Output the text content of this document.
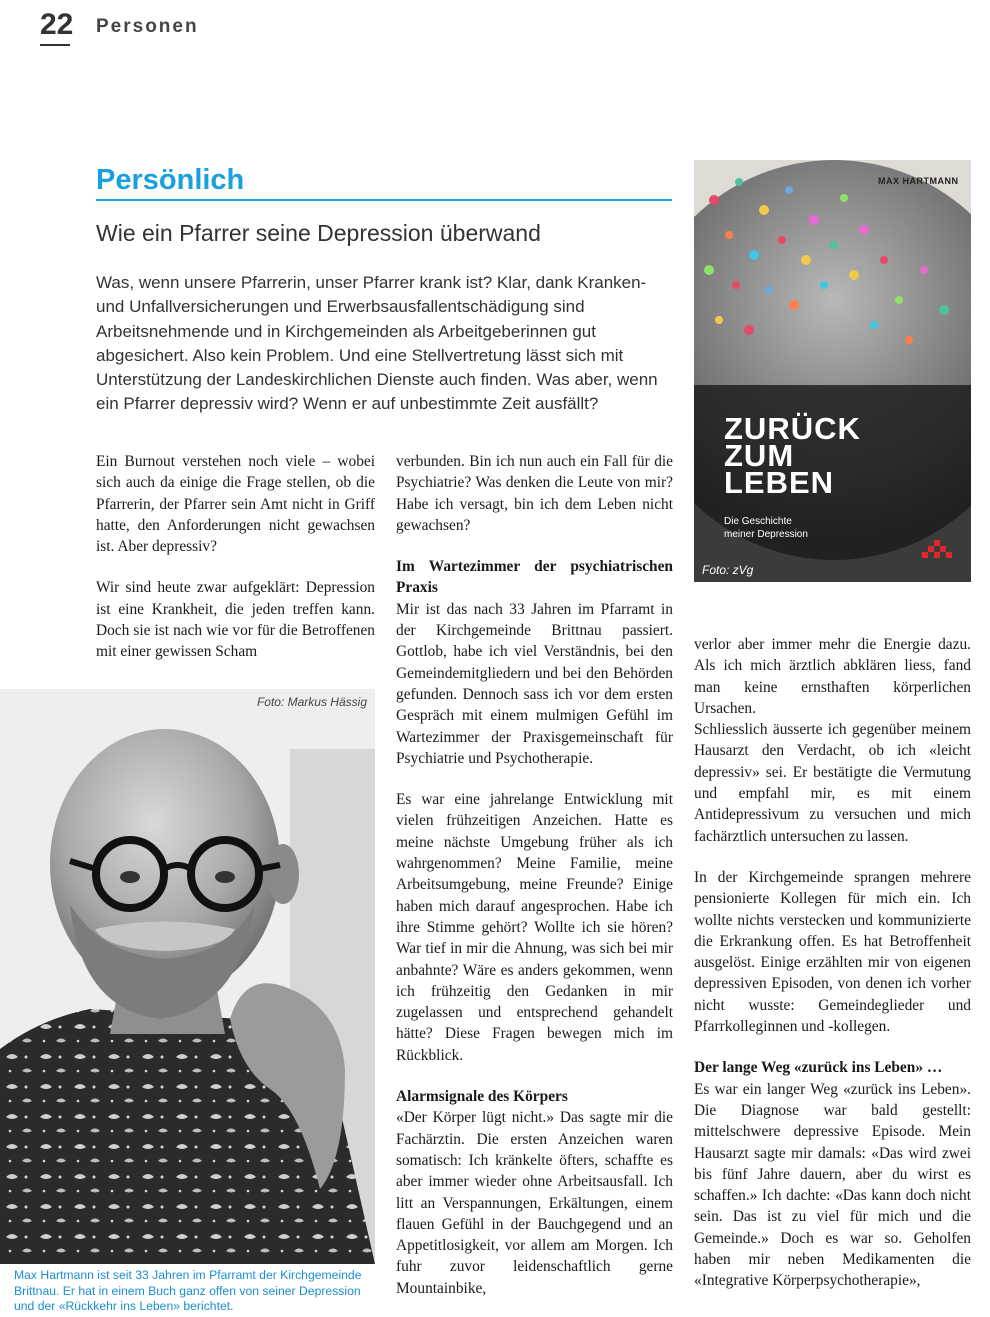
22 Personen
Persönlich
Wie ein Pfarrer seine Depression überwand
Was, wenn unsere Pfarrerin, unser Pfarrer krank ist? Klar, dank Kranken- und Unfallversicherungen und Erwerbsausfallentschädigung sind Arbeitsnehmende und in Kirchgemeinden als Arbeitgeberinnen gut abgesichert. Also kein Problem. Und eine Stellvertretung lässt sich mit Unterstützung der Landeskirchlichen Dienste auch finden. Was aber, wenn ein Pfarrer depressiv wird? Wenn er auf unbestimmte Zeit ausfällt?

Ein Burnout verstehen noch viele – wobei sich auch da einige die Frage stellen, ob die Pfarrerin, der Pfarrer sein Amt nicht in Griff hatte, den Anforderungen nicht gewachsen ist. Aber depressiv?

Wir sind heute zwar aufgeklärt: Depression ist eine Krankheit, die jeden treffen kann. Doch sie ist nach wie vor für die Betroffenen mit einer gewissen Scham

verbunden. Bin ich nun auch ein Fall für die Psychiatrie? Was denken die Leute von mir? Habe ich versagt, bin ich dem Leben nicht gewachsen?

Im Wartezimmer der psychiatrischen Praxis

Mir ist das nach 33 Jahren im Pfarramt in der Kirchgemeinde Brittnau passiert. Gottlob, habe ich viel Verständnis, bei den Gemeindemitgliedern und bei den Behörden gefunden. Dennoch sass ich vor dem ersten Gespräch mit einem mulmigen Gefühl im Wartezimmer der Praxisgemeinschaft für Psychiatrie und Psychotherapie.

Es war eine jahrelange Entwicklung mit vielen frühzeitigen Anzeichen. Hatte es meine nächste Umgebung früher als ich wahrgenommen? Meine Familie, meine Arbeitsumgebung, meine Freunde? Einige haben mich darauf angesprochen. Habe ich ihre Stimme gehört? Wollte ich sie hören? War tief in mir die Ahnung, was sich bei mir anbahnte? Wäre es anders gekommen, wenn ich frühzeitig den Gedanken in mir zugelassen und entsprechend gehandelt hätte? Diese Fragen bewegen mich im Rückblick.

Alarmsignale des Körpers

«Der Körper lügt nicht.» Das sagte mir die Fachärztin. Die ersten Anzeichen waren somatisch: Ich kränkelte öfters, schaffte es aber immer wieder ohne Arbeitsausfall. Ich litt an Verspannungen, Erkältungen, einem flauen Gefühl in der Bauchgegend und an Appetitlosigkeit, vor allem am Morgen. Ich fuhr zuvor leidenschaftlich gerne Mountainbike,

verlor aber immer mehr die Energie dazu. Als ich mich ärztlich abklären liess, fand man keine ernsthaften körperlichen Ursachen.

Schliesslich äusserte ich gegenüber meinem Hausarzt den Verdacht, ob ich «leicht depressiv» sei. Er bestätigte die Vermutung und empfahl mir, es mit einem Antidepressivum zu versuchen und mich fachärztlich untersuchen zu lassen.

In der Kirchgemeinde sprangen mehrere pensionierte Kollegen für mich ein. Ich wollte nichts verstecken und kommunizierte die Erkrankung offen. Es hat Betroffenheit ausgelöst. Einige erzählten mir von eigenen depressiven Episoden, von denen ich vorher nicht wusste: Gemeindeglieder und Pfarrkolleginnen und -kollegen.

Der lange Weg «zurück ins Leben» …

Es war ein langer Weg «zurück ins Leben». Die Diagnose war bald gestellt: mittelschwere depressive Episode. Mein Hausarzt sagte mir damals: «Das wird zwei bis fünf Jahre dauern, aber du wirst es schaffen.» Ich dachte: «Das kann doch nicht sein. Das ist zu viel für mich und die Gemeinde.» Doch es war so. Geholfen haben mir neben Medikamenten die «Integrative Körperpsychotherapie»,

Foto: Markus Hässig
Max Hartmann ist seit 33 Jahren im Pfarramt der Kirchgemeinde Brittnau. Er hat in einem Buch ganz offen von seiner Depression und der «Rückkehr ins Leben» berichtet.
MAX HARTMANN
ZURÜCK
ZUM
LEBEN
Die Geschichte
meiner Depression
Foto: zVg
